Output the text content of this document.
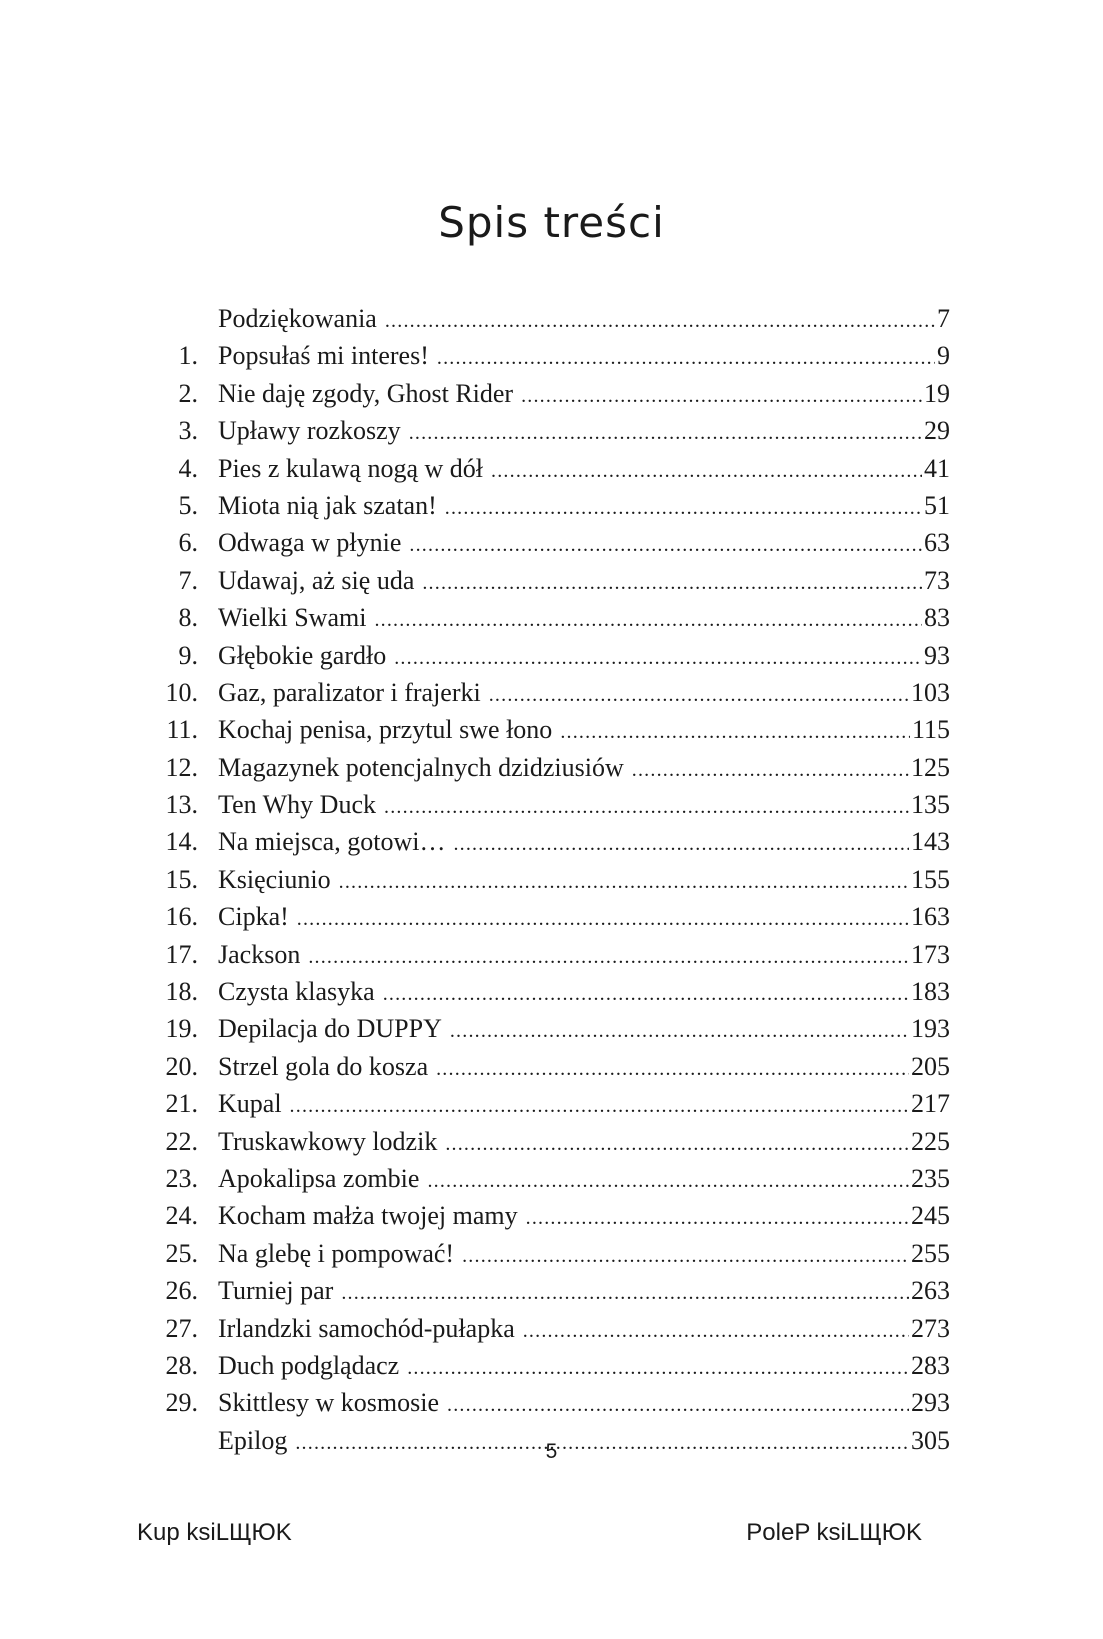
Spis treści
Podziękowania .....	7
1. Popsułaś mi interes! .....	9
2. Nie daję zgody, Ghost Rider .....	19
3. Upławy rozkoszy .....	29
4. Pies z kulawą nogą w dół .....	41
5. Miota nią jak szatan! .....	51
6. Odwaga w płynie .....	63
7. Udawaj, aż się uda .....	73
8. Wielki Swami .....	83
9. Głębokie gardło .....	93
10. Gaz, paralizator i frajerki .....	103
11. Kochaj penisa, przytul swe łono .....	115
12. Magazynek potencjalnych dzidziusiów .....	125
13. Ten Why Duck .....	135
14. Na miejsca, gotowi… .....	143
15. Księciunio .....	155
16. Cipka! .....	163
17. Jackson .....	173
18. Czysta klasyka .....	183
19. Depilacja do DUPPY .....	193
20. Strzel gola do kosza .....	205
21. Kupal .....	217
22. Truskawkowy lodzik .....	225
23. Apokalipsa zombie .....	235
24. Kocham małża twojej mamy .....	245
25. Na glebę i pompować! .....	255
26. Turniej par .....	263
27. Irlandzki samochód-pułapka .....	273
28. Duch podglądacz .....	283
29. Skittlesy w kosmosie .....	293
Epilog .....	305
5
Kup ksiLЩЮK	PoleP ksiLЩЮK
